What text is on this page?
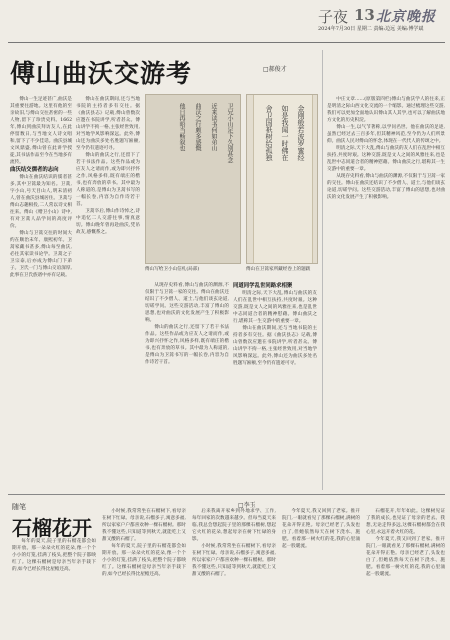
子夜 13 北京晚报
2024年7月30日 星期二 责编:边远 美编:傅学斌
傅山曲沃交游考	□郝俊才

傅山一生足迹甚广,曲沃是其重要往游地。这里有他的至亲故旧,与傅山交往甚密的一些人物,留下了珍贵史料。1662年,傅山到曲沃拜访友人,在此停留数日,与当地文人诗文唱和,留下了不少佳话。曲沃县城文风鼎盛,傅山曾在此讲学授徒,其书法作品至今在当地多有流传。

曲沃结交儒者的志向

傅山在曲沃结识的儒者甚多,其中卫蒿最为知名。卫蒿,字小山,号天目山人,明末清初人,曾在曲沃县城居住。卫蒿与傅山志趣相投,二人常以诗文相往来。傅山《赠卫小山》诗中,有对卫蒿人品学问的高度评价。

傅山与卫蒿交往的时间大约在顺治末年、康熙初年。卫蒿家藏书甚多,傅山每至曲沃,必往其家读书论学。卫蒿之子卫宗泰,后亦成为傅山门下弟子。卫氏一门与傅山交谊深厚,此事在卫氏族谱中亦有记载。

傅山在曲沃期间,还与当地书院的主持者多有交往。据《曲沃县志》记载,傅山曾数次应邀在书院讲学,听者甚众。傅山讲学不拘一格,主张经世致用,对当地学风影响深远。此外,傅山还为曲沃多处名胜题写匾额,至今仍有遗迹可寻。

傅山的曲沃之行,还留下了若干书法作品。这些作品或为应友人之请而作,或为即兴抒怀之作,风格多样,既有端庄的楷书,也有奔放的草书。其中最为人称道的,是傅山为卫蒿书写的一幅长卷,内容为自作诗若干首。

卫蒿卒后,傅山作诗悼之,诗中追忆二人交游往事,情真意切。傅山晚年曾再赴曲沃,凭吊故友,感慨系之。

卫兄小山足下久别甚念
近来读书何如弟山
曲沃之行颇多感慨
他日再晤当畅叙也	金刚般若波罗蜜经
如是我闻一时佛在
舍卫国祇树给孤独
傅山写给卫小山信札(局部)	傅山在卫蒿家所藏经卷上的题跋

从现存史料看,傅山与曲沃的渊源,不仅限于与卫蒿一家的交往。傅山在曲沃还结识了不少僧人、道士,与他们谈玄论道,切磋学问。这些交游活动,丰富了傅山的思想,也对曲沃的文化发展产生了积极影响。

傅山的曲沃之行,还留下了若干书法作品。这些作品或为应友人之请而作,或为即兴抒怀之作,风格多样,既有端庄的楷书,也有奔放的草书。其中最为人称道的,是傅山为卫蒿书写的一幅长卷,内容为自作诗若干首。

同道同学乱世同路求相聚

明清之际,天下大乱,傅山与曲沃的友人们在乱世中相互扶持,共度时艰。这种交游,既是文人之间的风雅往来,也是乱世中志同道合者的精神慰藉。傅山曲沃之行,堪称其一生交游中的重要一章。

傅山在曲沃期间,还与当地书院的主持者多有交往。据《曲沃县志》记载,傅山曾数次应邀在书院讲学,听者甚众。傅山讲学不拘一格,主张经世致用,对当地学风影响深远。此外,傅山还为曲沃多处名胜题写匾额,至今仍有遗迹可寻。

中庄文章……(原版第四栏)傅山与曲沃学人的往来,正是明清之际山西文化交流的一个缩影。通过梳理这些交游,我们可以更加全面地认识傅山其人其学,也可以了解曲沃地方文化的历史积淀。

傅山一生,以气节著称,以学问名世。他在曲沃的足迹,虽然已经过去三百多年,但其精神风范,至今仍为人们所景仰。曲沃人民对傅山的怀念,体现在一代代人的传颂之中。

明清之际,天下大乱,傅山与曲沃的友人们在乱世中相互扶持,共度时艰。这种交游,既是文人之间的风雅往来,也是乱世中志同道合者的精神慰藉。傅山曲沃之行,堪称其一生交游中的重要一章。

从现存史料看,傅山与曲沃的渊源,不仅限于与卫蒿一家的交往。傅山在曲沃还结识了不少僧人、道士,与他们谈玄论道,切磋学问。这些交游活动,丰富了傅山的思想,也对曲沃的文化发展产生了积极影响。

随笔
石榴花开
□李玉

每年的夏天,院子里的石榴花都会如期开放。那一朵朵火红的花朵,像一个个小小的灯笼,挂满了枝头,把整个院子都映红了。这棵石榴树是母亲当年亲手栽下的,如今已经长得比屋檐还高。

小时候,我常常坐在石榴树下,看母亲在树下忙碌。母亲说,石榴多子,寓意多福,所以家家户户都喜欢种一棵石榴树。那时我不懂这些,只知道等到秋天,就能吃上又甜又酸的石榴了。

每年的夏天,院子里的石榴花都会如期开放。那一朵朵火红的花朵,像一个个小小的灯笼,挂满了枝头,把整个院子都映红了。这棵石榴树是母亲当年亲手栽下的,如今已经长得比屋檐还高。

后来我离开家乡到外地求学、工作,每年回家的次数越来越少。但每当夏天来临,我总会想起院子里的那棵石榴树,想起它火红的花朵,想起母亲在树下忙碌的身影。

小时候,我常常坐在石榴树下,看母亲在树下忙碌。母亲说,石榴多子,寓意多福,所以家家户户都喜欢种一棵石榴树。那时我不懂这些,只知道等到秋天,就能吃上又甜又酸的石榴了。

今年夏天,我又回到了老家。推开院门,一眼就看见了那棵石榴树,满树的花朵开得正艳。母亲已经老了,头发也白了,但她依然每天在树下浇水、施肥。看着那一树火红的花,我的心里涌起一股暖流。

石榴花开,年年如此。这棵树见证了我的成长,也见证了母亲的老去。我想,无论走得多远,这棵石榴树都会在我心里,永远开着火红的花。

今年夏天,我又回到了老家。推开院门,一眼就看见了那棵石榴树,满树的花朵开得正艳。母亲已经老了,头发也白了,但她依然每天在树下浇水、施肥。看着那一树火红的花,我的心里涌起一股暖流。
